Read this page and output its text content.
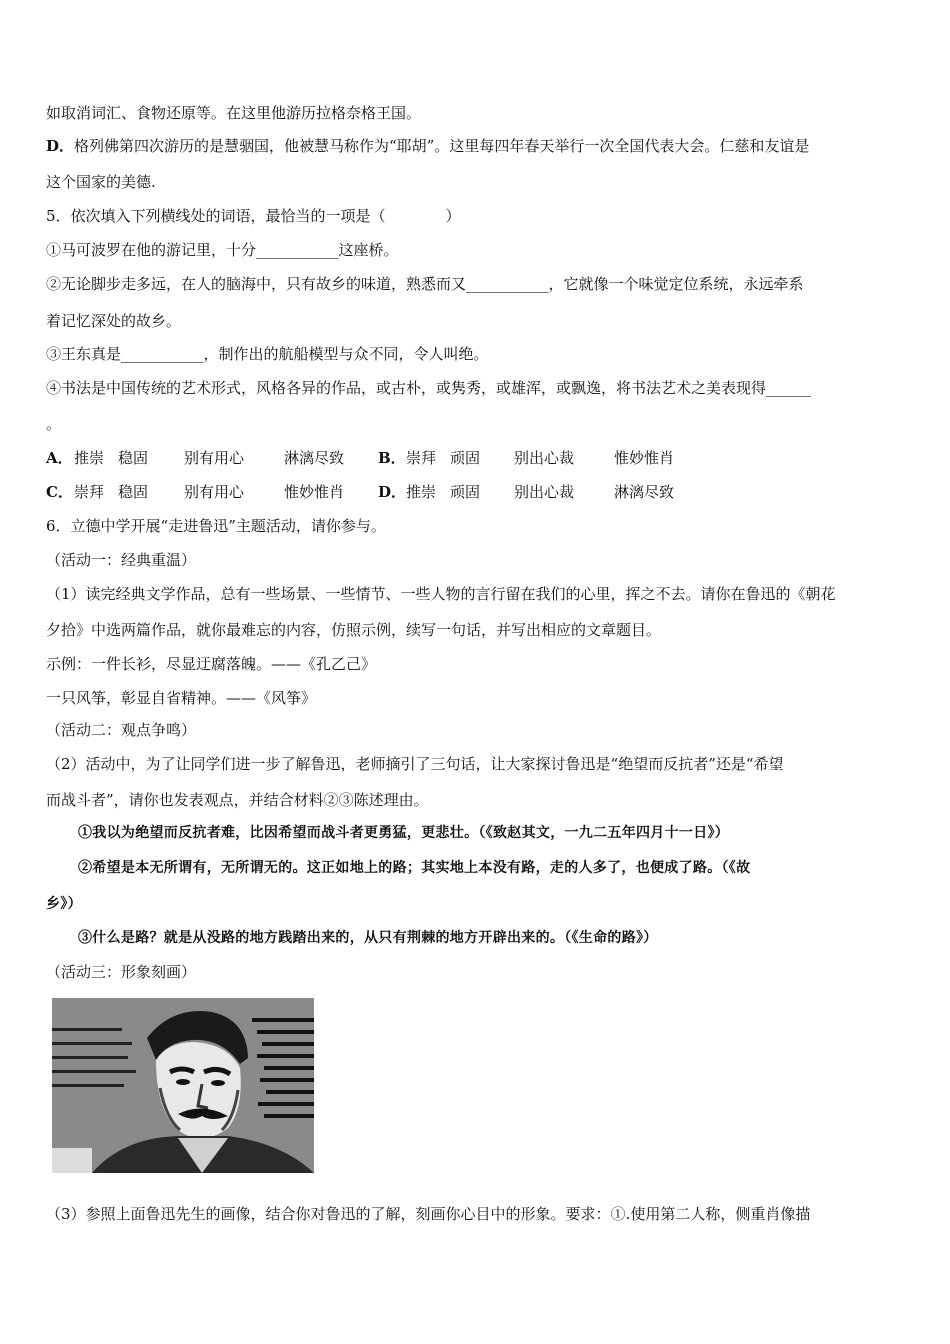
如取消词汇、食物还原等。在这里他游历拉格奈格王国。
D．格列佛第四次游历的是慧骃国，他被慧马称作为“耶胡”。这里每四年春天举行一次全国代表大会。仁慈和友谊是
这个国家的美德.
5．依次填入下列横线处的词语，最恰当的一项是（　　　　）
①马可波罗在他的游记里，十分___________这座桥。
②无论脚步走多远，在人的脑海中，只有故乡的味道，熟悉而又___________，它就像一个味觉定位系统，永远牵系
着记忆深处的故乡。
③王东真是___________，制作出的航船模型与众不同，令人叫绝。
④书法是中国传统的艺术形式，风格各异的作品，或古朴，或隽秀，或雄浑，或飘逸，将书法艺术之美表现得______
。
A． 推崇 稳固 别有用心	淋漓尽致 B． 崇拜 顽固 别出心裁	惟妙惟肖
C． 崇拜 稳固 别有用心	惟妙惟肖 D． 推崇 顽固 别出心裁	淋漓尽致
6．立德中学开展“走进鲁迅”主题活动，请你参与。
（活动一：经典重温）
（1）读完经典文学作品，总有一些场景、一些情节、一些人物的言行留在我们的心里，挥之不去。请你在鲁迅的《朝花
夕拾》中选两篇作品，就你最难忘的内容，仿照示例，续写一句话，并写出相应的文章题目。
示例：一件长衫，尽显迂腐落魄。——《孔乙己》
一只风筝，彰显自省精神。——《风筝》
（活动二：观点争鸣）
（2）活动中，为了让同学们进一步了解鲁迅，老师摘引了三句话，让大家探讨鲁迅是“绝望而反抗者”还是“希望
而战斗者”，请你也发表观点，并结合材料②③陈述理由。
①我以为绝望而反抗者难，比因希望而战斗者更勇猛，更悲壮。（《致赵其文，一九二五年四月十一日》）
②希望是本无所谓有，无所谓无的。这正如地上的路；其实地上本没有路，走的人多了，也便成了路。（《故
乡》）
③什么是路？就是从没路的地方践踏出来的，从只有荆棘的地方开辟出来的。（《生命的路》）
（活动三：形象刻画）
（3）参照上面鲁迅先生的画像，结合你对鲁迅的了解，刻画你心目中的形象。要求：①.使用第二人称，侧重肖像描
